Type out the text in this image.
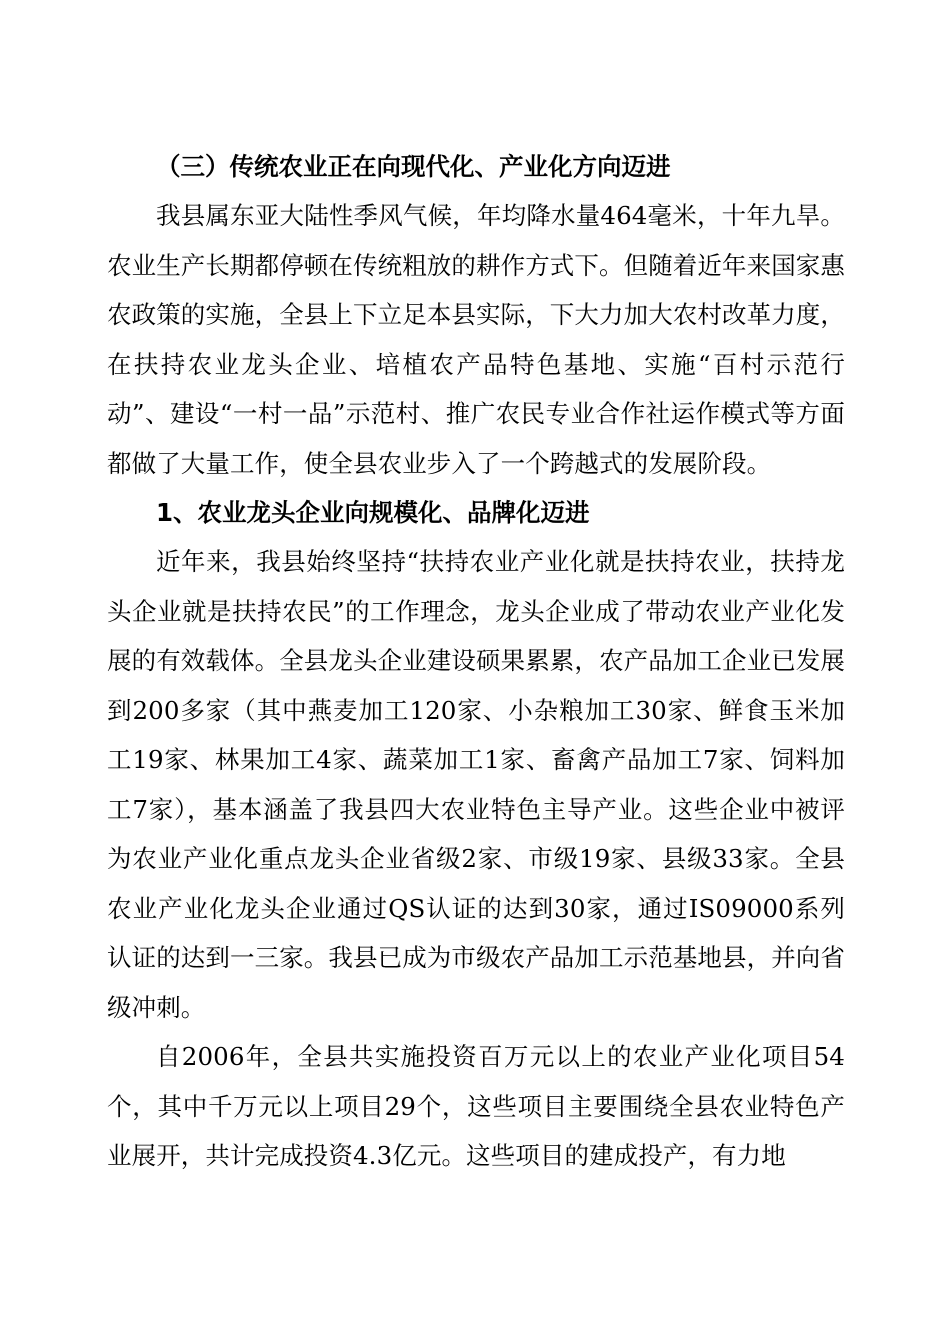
（三）传统农业正在向现代化、产业化方向迈进

我县属东亚大陆性季风气候，年均降水量464毫米，十年九旱。农业生产长期都停顿在传统粗放的耕作方式下。但随着近年来国家惠农政策的实施，全县上下立足本县实际，下大力加大农村改革力度，在扶持农业龙头企业、培植农产品特色基地、实施“百村示范行动”、建设“一村一品”示范村、推广农民专业合作社运作模式等方面都做了大量工作，使全县农业步入了一个跨越式的发展阶段。

1、农业龙头企业向规模化、品牌化迈进

近年来，我县始终坚持“扶持农业产业化就是扶持农业，扶持龙头企业就是扶持农民”的工作理念，龙头企业成了带动农业产业化发展的有效载体。全县龙头企业建设硕果累累，农产品加工企业已发展到200多家（其中燕麦加工120家、小杂粮加工30家、鲜食玉米加工19家、林果加工4家、蔬菜加工1家、畜禽产品加工7家、饲料加工7家），基本涵盖了我县四大农业特色主导产业。这些企业中被评为农业产业化重点龙头企业省级2家、市级19家、县级33家。全县农业产业化龙头企业通过QS认证的达到30家，通过IS09000系列认证的达到一三家。我县已成为市级农产品加工示范基地县，并向省级冲刺。

自2006年，全县共实施投资百万元以上的农业产业化项目54个，其中千万元以上项目29个，这些项目主要围绕全县农业特色产业展开，共计完成投资4.3亿元。这些项目的建成投产，有力地
